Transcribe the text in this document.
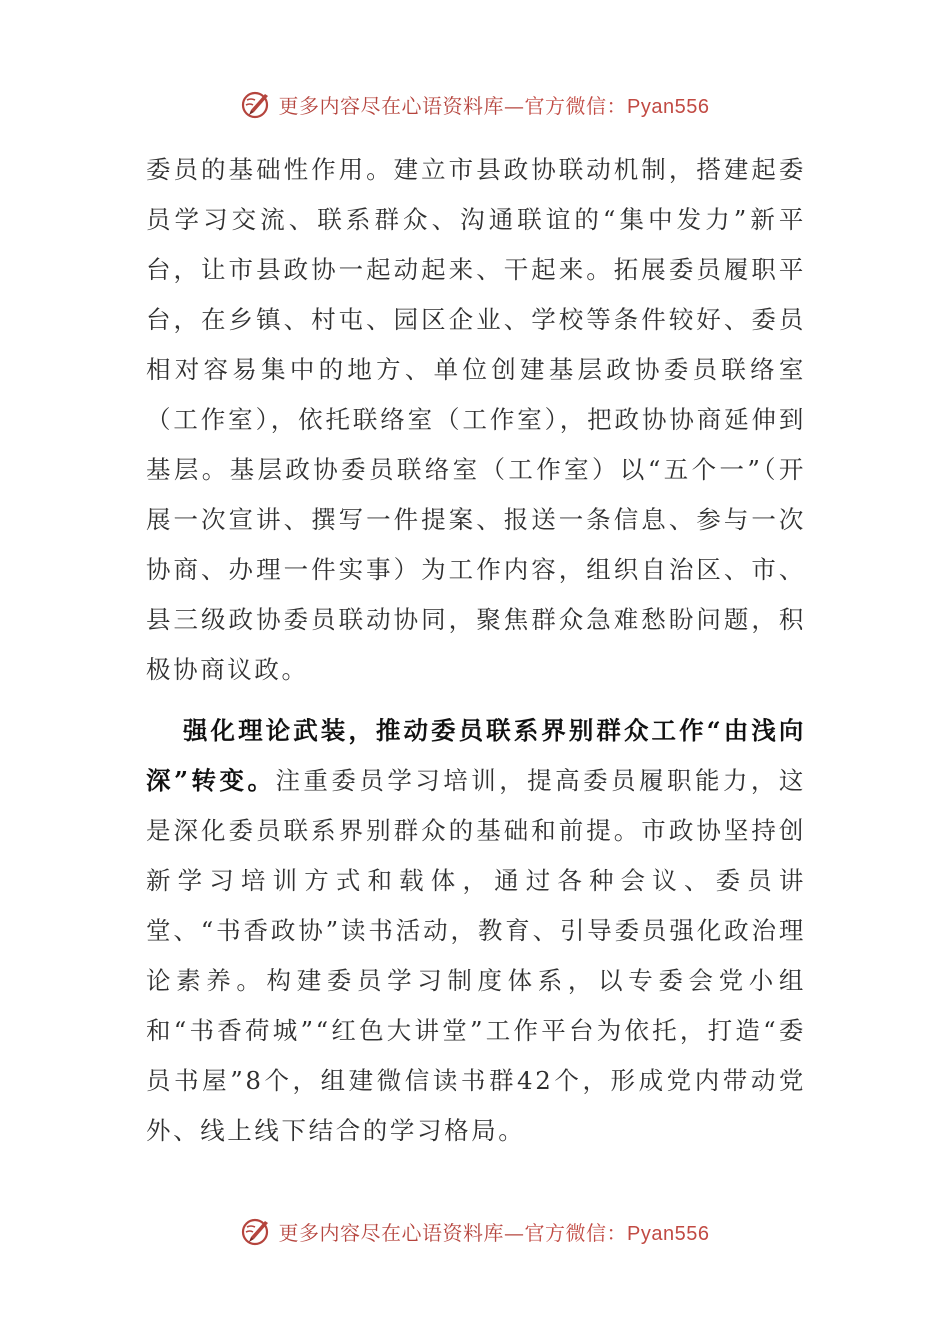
更多内容尽在心语资料库—官方微信：Pyan556

委员的基础性作用。建立市县政协联动机制，搭建起委员学习交流、联系群众、沟通联谊的“集中发力”新平台，让市县政协一起动起来、干起来。拓展委员履职平台，在乡镇、村屯、园区企业、学校等条件较好、委员相对容易集中的地方、单位创建基层政协委员联络室（工作室），依托联络室（工作室），把政协协商延伸到基层。基层政协委员联络室（工作室）以“五个一”（开展一次宣讲、撰写一件提案、报送一条信息、参与一次协商、办理一件实事）为工作内容，组织自治区、市、县三级政协委员联动协同，聚焦群众急难愁盼问题，积极协商议政。

强化理论武装，推动委员联系界别群众工作“由浅向深”转变。注重委员学习培训，提高委员履职能力，这是深化委员联系界别群众的基础和前提。市政协坚持创新学习培训方式和载体，通过各种会议、委员讲堂、“书香政协”读书活动，教育、引导委员强化政治理论素养。构建委员学习制度体系，以专委会党小组和“书香荷城”“红色大讲堂”工作平台为依托，打造“委员书屋”8个，组建微信读书群42个，形成党内带动党外、线上线下结合的学习格局。

更多内容尽在心语资料库—官方微信：Pyan556
